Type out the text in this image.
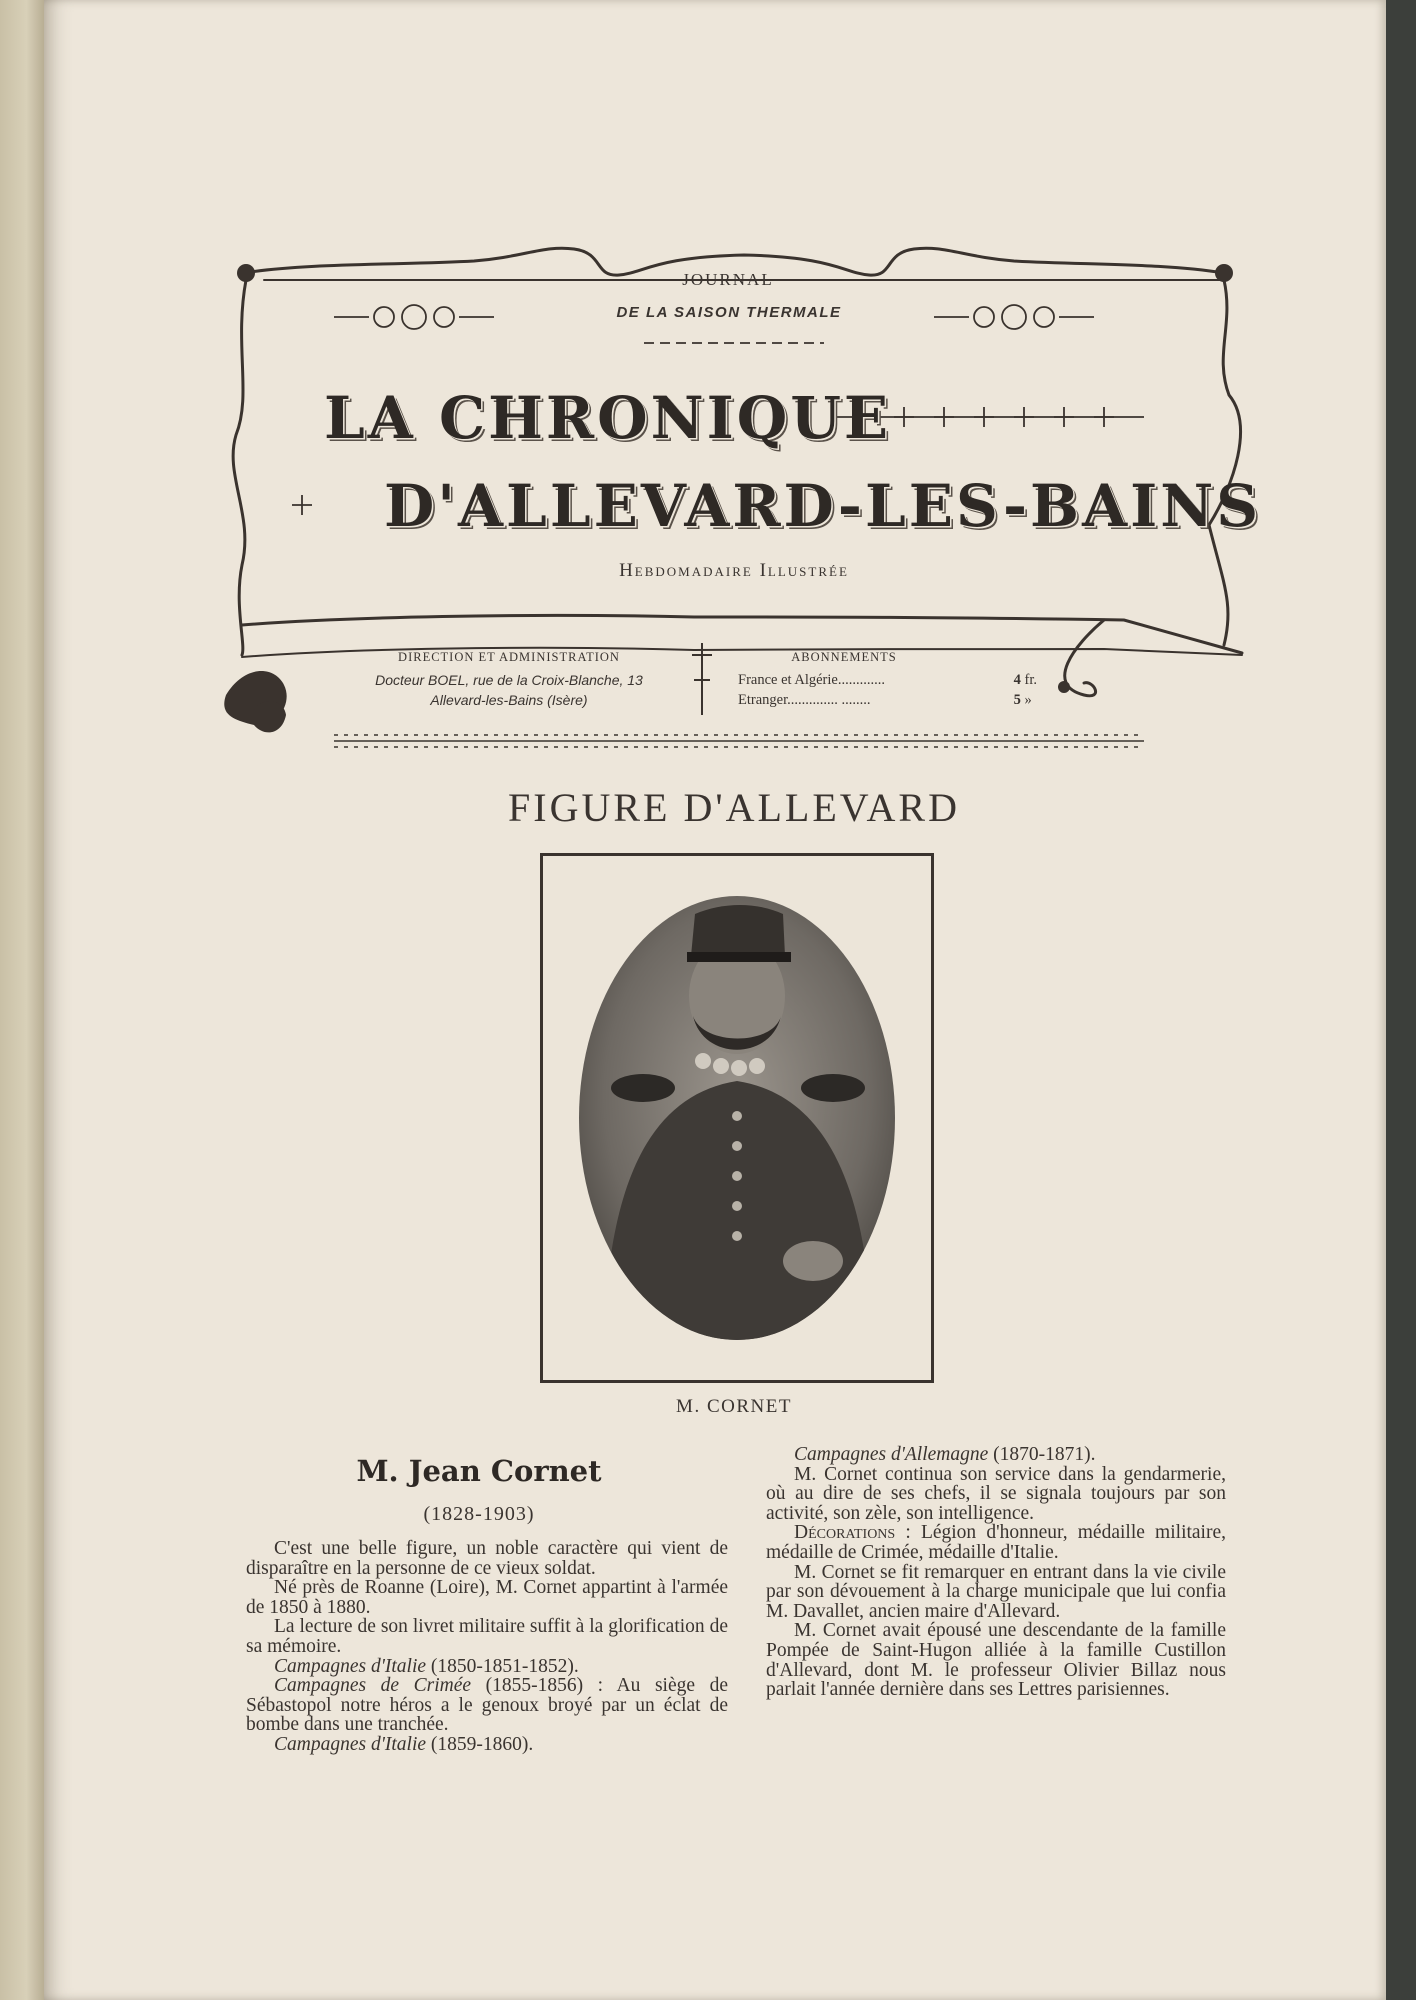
JOURNAL
DE LA SAISON THERMALE
LA CHRONIQUE
D'ALLEVARD-LES-BAINS
Hebdomadaire Illustrée
DIRECTION ET ADMINISTRATION
Docteur BOEL, rue de la Croix-Blanche, 13
Allevard-les-Bains (Isère)
ABONNEMENTS
France et Algérie.............	4 fr.
Etranger.............. ........	5 »
FIGURE D'ALLEVARD
M. CORNET
M. Jean Cornet
(1828-1903)

C'est une belle figure, un noble caractère qui vient de disparaître en la personne de ce vieux soldat.

Né près de Roanne (Loire), M. Cornet appartint à l'armée de 1850 à 1880.

La lecture de son livret militaire suffit à la glorification de sa mémoire.

Campagnes d'Italie (1850-1851-1852).

Campagnes de Crimée (1855-1856) : Au siège de Sébastopol notre héros a le genoux broyé par un éclat de bombe dans une tranchée.

Campagnes d'Italie (1859-1860).

Campagnes d'Allemagne (1870-1871).

M. Cornet continua son service dans la gendarmerie, où au dire de ses chefs, il se signala toujours par son activité, son zèle, son intelligence.

Décorations : Légion d'honneur, médaille militaire, médaille de Crimée, médaille d'Italie.

M. Cornet se fit remarquer en entrant dans la vie civile par son dévouement à la charge municipale que lui confia M. Davallet, ancien maire d'Allevard.

M. Cornet avait épousé une descendante de la famille Pompée de Saint-Hugon alliée à la famille Custillon d'Allevard, dont M. le professeur Olivier Billaz nous parlait l'année dernière dans ses Lettres parisiennes.
